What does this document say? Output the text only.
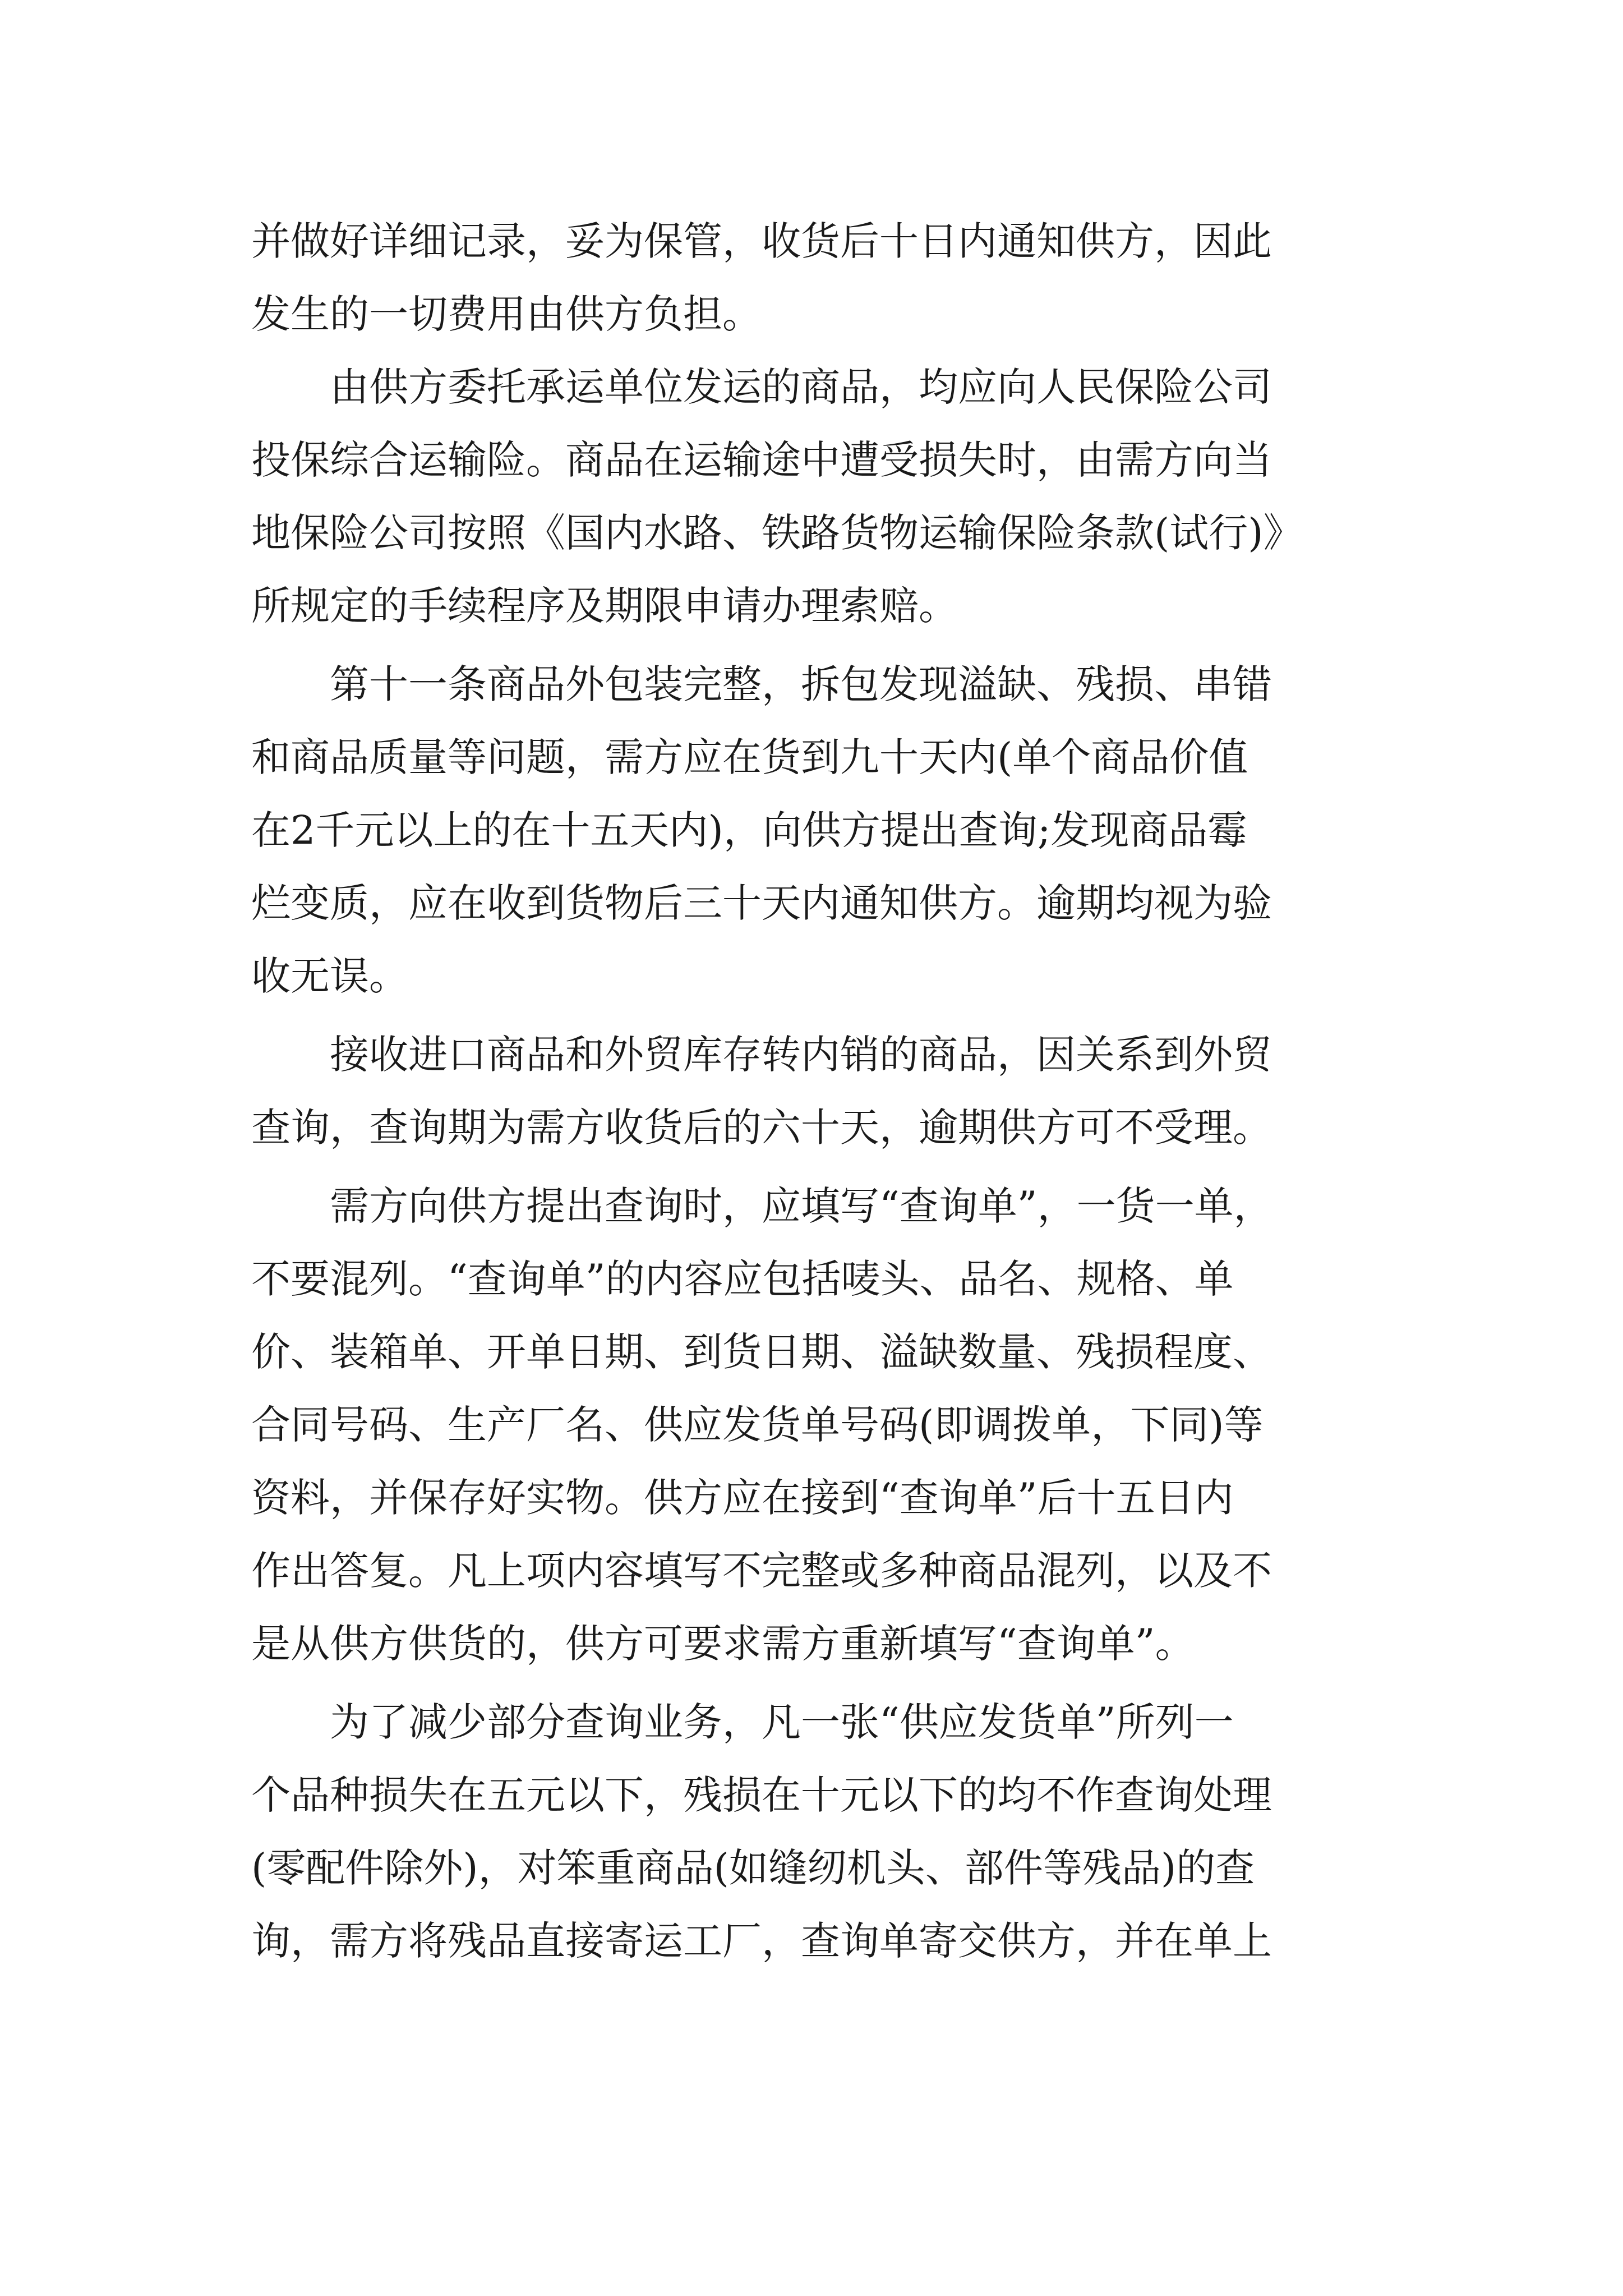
并做好详细记录，妥为保管，收货后十日内通知供方，因此
发生的一切费用由供方负担。
由供方委托承运单位发运的商品，均应向人民保险公司
投保综合运输险。商品在运输途中遭受损失时，由需方向当
地保险公司按照《国内水路、铁路货物运输保险条款(试行)》
所规定的手续程序及期限申请办理索赔。
第十一条商品外包装完整，拆包发现溢缺、残损、串错
和商品质量等问题，需方应在货到九十天内(单个商品价值
在2千元以上的在十五天内)，向供方提出查询;发现商品霉
烂变质，应在收到货物后三十天内通知供方。逾期均视为验
收无误。
接收进口商品和外贸库存转内销的商品，因关系到外贸
查询，查询期为需方收货后的六十天，逾期供方可不受理。
需方向供方提出查询时，应填写“查询单”，一货一单，
不要混列。“查询单”的内容应包括唛头、品名、规格、单
价、装箱单、开单日期、到货日期、溢缺数量、残损程度、
合同号码、生产厂名、供应发货单号码(即调拨单，下同)等
资料，并保存好实物。供方应在接到“查询单”后十五日内
作出答复。凡上项内容填写不完整或多种商品混列，以及不
是从供方供货的，供方可要求需方重新填写“查询单”。
为了减少部分查询业务，凡一张“供应发货单”所列一
个品种损失在五元以下，残损在十元以下的均不作查询处理
(零配件除外)，对笨重商品(如缝纫机头、部件等残品)的查
询，需方将残品直接寄运工厂，查询单寄交供方，并在单上
